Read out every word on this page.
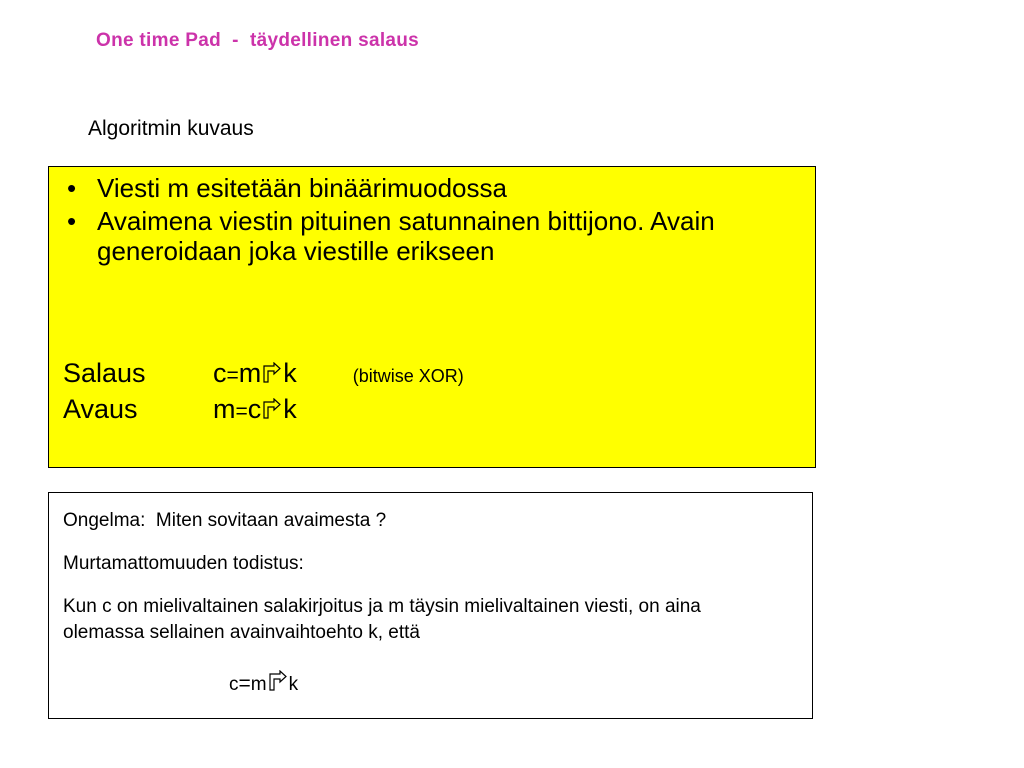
One time Pad  -  täydellinen salaus
Algoritmin kuvaus
• Viesti m esitetään binäärimuodossa
• Avaimena viestin pituinen satunnainen bittijono. Avain generoidaan joka viestille erikseen
Salaus	c=m k	(bitwise XOR)
Avaus	m=c k
Ongelma:  Miten sovitaan avaimesta ?
Murtamattomuuden todistus:
Kun c on mielivaltainen salakirjoitus ja m täysin mielivaltainen viesti, on aina olemassa sellainen avainvaihtoehto k, että
c=m k
